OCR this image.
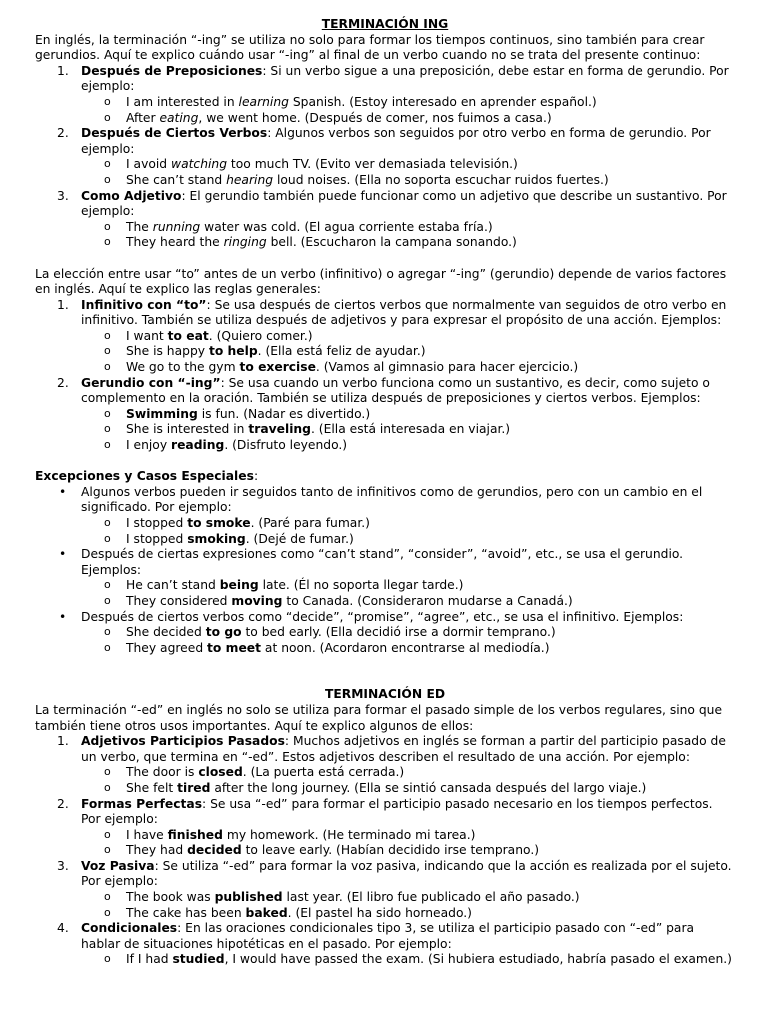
TERMINACIÓN ING

En inglés, la terminación “-ing” se utiliza no solo para formar los tiempos continuos, sino también para crear gerundios. Aquí te explico cuándo usar “-ing” al final de un verbo cuando no se trata del presente continuo:

1. Después de Preposiciones: Si un verbo sigue a una preposición, debe estar en forma de gerundio. Por ejemplo:
o I am interested in learning Spanish. (Estoy interesado en aprender español.)
o After eating, we went home. (Después de comer, nos fuimos a casa.)
2. Después de Ciertos Verbos: Algunos verbos son seguidos por otro verbo en forma de gerundio. Por ejemplo:
o I avoid watching too much TV. (Evito ver demasiada televisión.)
o She can’t stand hearing loud noises. (Ella no soporta escuchar ruidos fuertes.)
3. Como Adjetivo: El gerundio también puede funcionar como un adjetivo que describe un sustantivo. Por ejemplo:
o The running water was cold. (El agua corriente estaba fría.)
o They heard the ringing bell. (Escucharon la campana sonando.)

La elección entre usar “to” antes de un verbo (infinitivo) o agregar “-ing” (gerundio) depende de varios factores en inglés. Aquí te explico las reglas generales:

1. Infinitivo con “to”: Se usa después de ciertos verbos que normalmente van seguidos de otro verbo en infinitivo. También se utiliza después de adjetivos y para expresar el propósito de una acción. Ejemplos:
o I want to eat. (Quiero comer.)
o She is happy to help. (Ella está feliz de ayudar.)
o We go to the gym to exercise. (Vamos al gimnasio para hacer ejercicio.)
2. Gerundio con “-ing”: Se usa cuando un verbo funciona como un sustantivo, es decir, como sujeto o complemento en la oración. También se utiliza después de preposiciones y ciertos verbos. Ejemplos:
o Swimming is fun. (Nadar es divertido.)
o She is interested in traveling. (Ella está interesada en viajar.)
o I enjoy reading. (Disfruto leyendo.)

Excepciones y Casos Especiales:

• Algunos verbos pueden ir seguidos tanto de infinitivos como de gerundios, pero con un cambio en el significado. Por ejemplo:
o I stopped to smoke. (Paré para fumar.)
o I stopped smoking. (Dejé de fumar.)
• Después de ciertas expresiones como “can’t stand”, “consider”, “avoid”, etc., se usa el gerundio. Ejemplos:
o He can’t stand being late. (Él no soporta llegar tarde.)
o They considered moving to Canada. (Consideraron mudarse a Canadá.)
• Después de ciertos verbos como “decide”, “promise”, “agree”, etc., se usa el infinitivo. Ejemplos:
o She decided to go to bed early. (Ella decidió irse a dormir temprano.)
o They agreed to meet at noon. (Acordaron encontrarse al mediodía.)
TERMINACIÓN ED

La terminación “-ed” en inglés no solo se utiliza para formar el pasado simple de los verbos regulares, sino que también tiene otros usos importantes. Aquí te explico algunos de ellos:

1. Adjetivos Participios Pasados: Muchos adjetivos en inglés se forman a partir del participio pasado de un verbo, que termina en “-ed”. Estos adjetivos describen el resultado de una acción. Por ejemplo:
o The door is closed. (La puerta está cerrada.)
o She felt tired after the long journey. (Ella se sintió cansada después del largo viaje.)
2. Formas Perfectas: Se usa “-ed” para formar el participio pasado necesario en los tiempos perfectos. Por ejemplo:
o I have finished my homework. (He terminado mi tarea.)
o They had decided to leave early. (Habían decidido irse temprano.)
3. Voz Pasiva: Se utiliza “-ed” para formar la voz pasiva, indicando que la acción es realizada por el sujeto. Por ejemplo:
o The book was published last year. (El libro fue publicado el año pasado.)
o The cake has been baked. (El pastel ha sido horneado.)
4. Condicionales: En las oraciones condicionales tipo 3, se utiliza el participio pasado con “-ed” para hablar de situaciones hipotéticas en el pasado. Por ejemplo:
o If I had studied, I would have passed the exam. (Si hubiera estudiado, habría pasado el examen.)
